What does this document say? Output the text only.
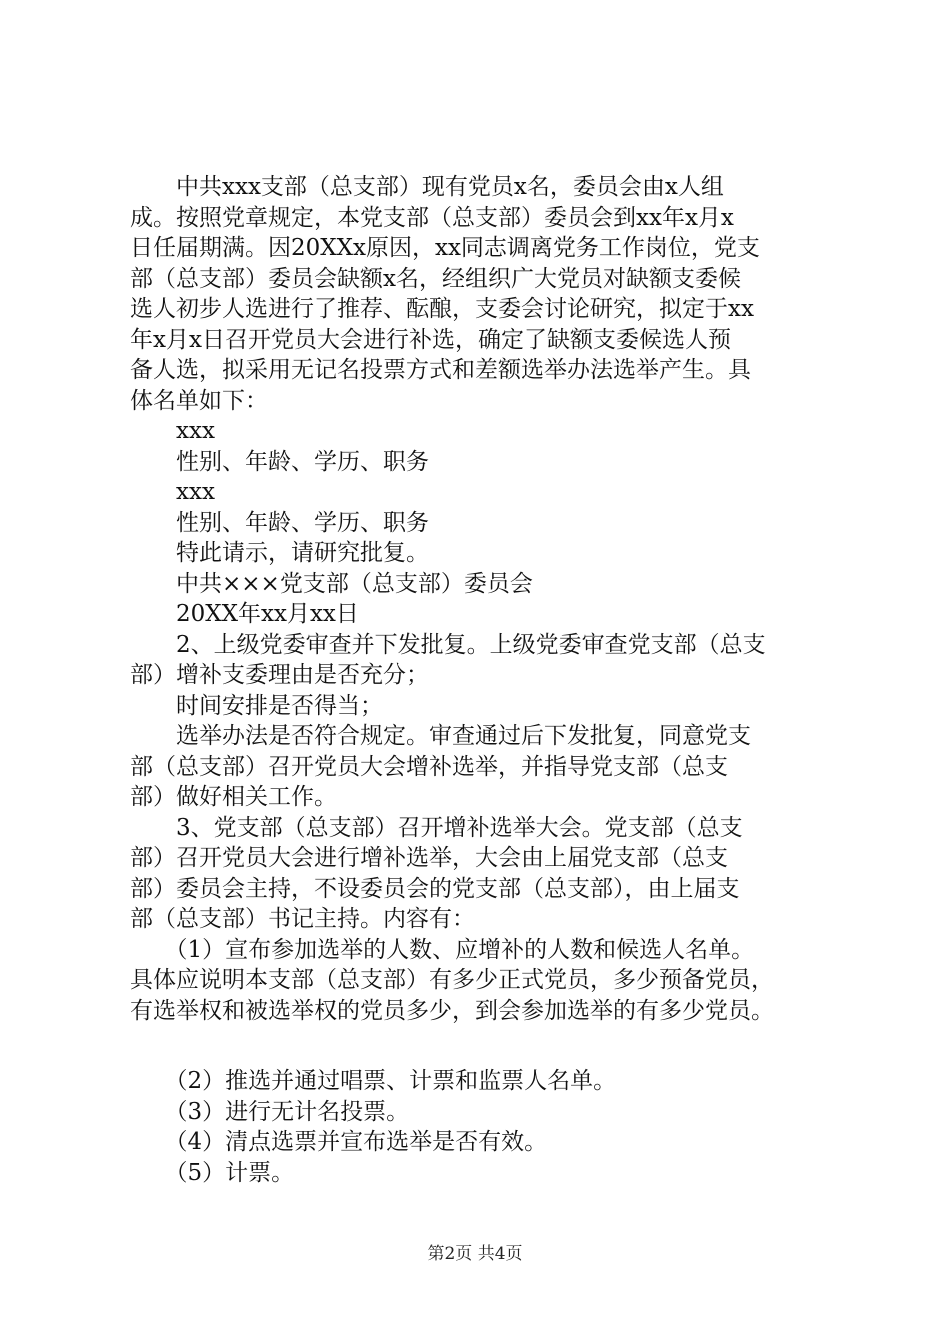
　　中共xxx支部（总支部）现有党员x名，委员会由x人组
成。按照党章规定，本党支部（总支部）委员会到xx年x月x
日任届期满。因20XXx原因，xx同志调离党务工作岗位，党支
部（总支部）委员会缺额x名，经组织广大党员对缺额支委候
选人初步人选进行了推荐、酝酿，支委会讨论研究，拟定于xx
年x月x日召开党员大会进行补选，确定了缺额支委候选人预
备人选，拟采用无记名投票方式和差额选举办法选举产生。具
体名单如下：
　　xxx
　　性别、年龄、学历、职务
　　xxx
　　性别、年龄、学历、职务
　　特此请示，请研究批复。
　　中共×××党支部（总支部）委员会
　　20XX年xx月xx日
　　2、上级党委审查并下发批复。上级党委审查党支部（总支
部）增补支委理由是否充分；
　　时间安排是否得当；
　　选举办法是否符合规定。审查通过后下发批复，同意党支
部（总支部）召开党员大会增补选举，并指导党支部（总支
部）做好相关工作。
　　3、党支部（总支部）召开增补选举大会。党支部（总支
部）召开党员大会进行增补选举，大会由上届党支部（总支
部）委员会主持，不设委员会的党支部（总支部），由上届支
部（总支部）书记主持。内容有：
　　（1）宣布参加选举的人数、应增补的人数和候选人名单。
具体应说明本支部（总支部）有多少正式党员，多少预备党员，
有选举权和被选举权的党员多少，到会参加选举的有多少党员。
　　（2）推选并通过唱票、计票和监票人名单。
　　（3）进行无计名投票。
　　（4）清点选票并宣布选举是否有效。
　　（5）计票。
第2页 共4页
